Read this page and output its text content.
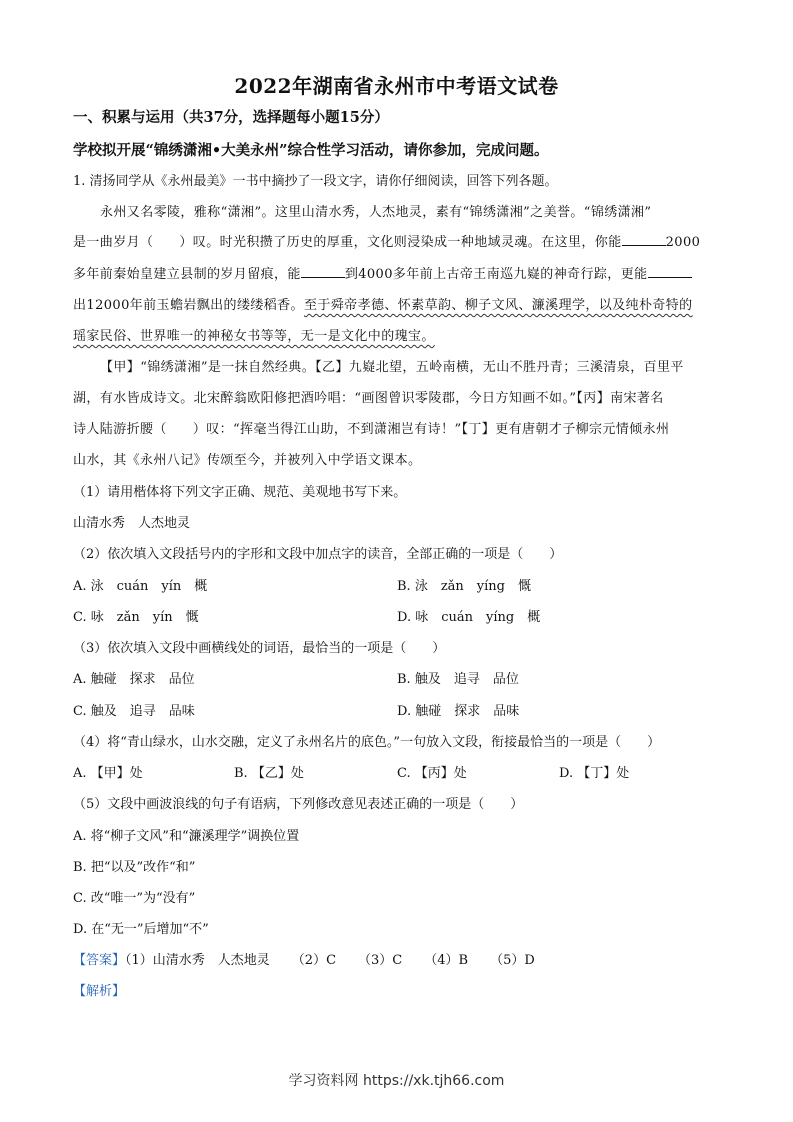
2022年湖南省永州市中考语文试卷
一、积累与运用（共37分，选择题每小题15分）
学校拟开展“锦绣潇湘•大美永州”综合性学习活动，请你参加，完成问题。
1. 清扬同学从《永州最美》一书中摘抄了一段文字，请你仔细阅读，回答下列各题。
永州又名零陵，雅称“潇湘”。这里山清水秀，人杰地灵，素有“锦绣潇湘”之美誉。“锦绣潇湘”
是一曲岁月（ ）叹。时光积攒了历史的厚重，文化则浸染成一种地域灵魂。在这里，你能	2000
多年前秦始皇建立县制的岁月留痕，能	到4000多年前上古帝王南巡九嶷的神奇行踪，更能
出12000年前玉蟾岩飘出的缕缕稻香。至于舜帝孝德、怀素草韵、柳子文风、濂溪理学，以及纯朴奇特的
瑶家民俗、世界唯一的神秘女书等等，无一是文化中的瑰宝。
【甲】“锦绣潇湘”是一抹自然经典。【乙】九嶷北望，五岭南横，无山不胜丹青；三溪清泉，百里平
湖，有水皆成诗文。北宋醉翁欧阳修把酒吟唱：“画图曾识零陵郡，今日方知画不如。”【丙】南宋著名
诗人陆游折腰（ ）叹：“挥毫当得江山助，不到潇湘岂有诗！”【丁】更有唐朝才子柳宗元情倾永州
山水，其《永州八记》传颂至今，并被列入中学语文课本。
（1）请用楷体将下列文字正确、规范、美观地书写下来。
山清水秀　人杰地灵
（2）依次填入文段括号内的字形和文段中加点字的读音，全部正确的一项是（　　）
A. 泳　cuán　yín　概	B. 泳　zǎn　yíng　慨
C. 咏　zǎn　yín　慨	D. 咏　cuán　yíng　概
（3）依次填入文段中画横线处的词语，最恰当的一项是（　　）
A. 触碰　探求　品位	B. 触及　追寻　品位
C. 触及　追寻　品味	D. 触碰　探求　品味
（4）将“青山绿水，山水交融，定义了永州名片的底色。”一句放入文段，衔接最恰当的一项是（　　）
A. 【甲】处	B. 【乙】处	C. 【丙】处	D. 【丁】处
（5）文段中画波浪线的句子有语病，下列修改意见表述正确的一项是（　　）
A. 将“柳子文风”和“濂溪理学”调换位置
B. 把“以及”改作“和”
C. 改“唯一”为“没有”
D. 在“无一”后增加“不”
【答案】（1）山清水秀　人杰地灵 （2）C （3）C （4）B （5）D
【解析】
学习资料网 https://xk.tjh66.com
